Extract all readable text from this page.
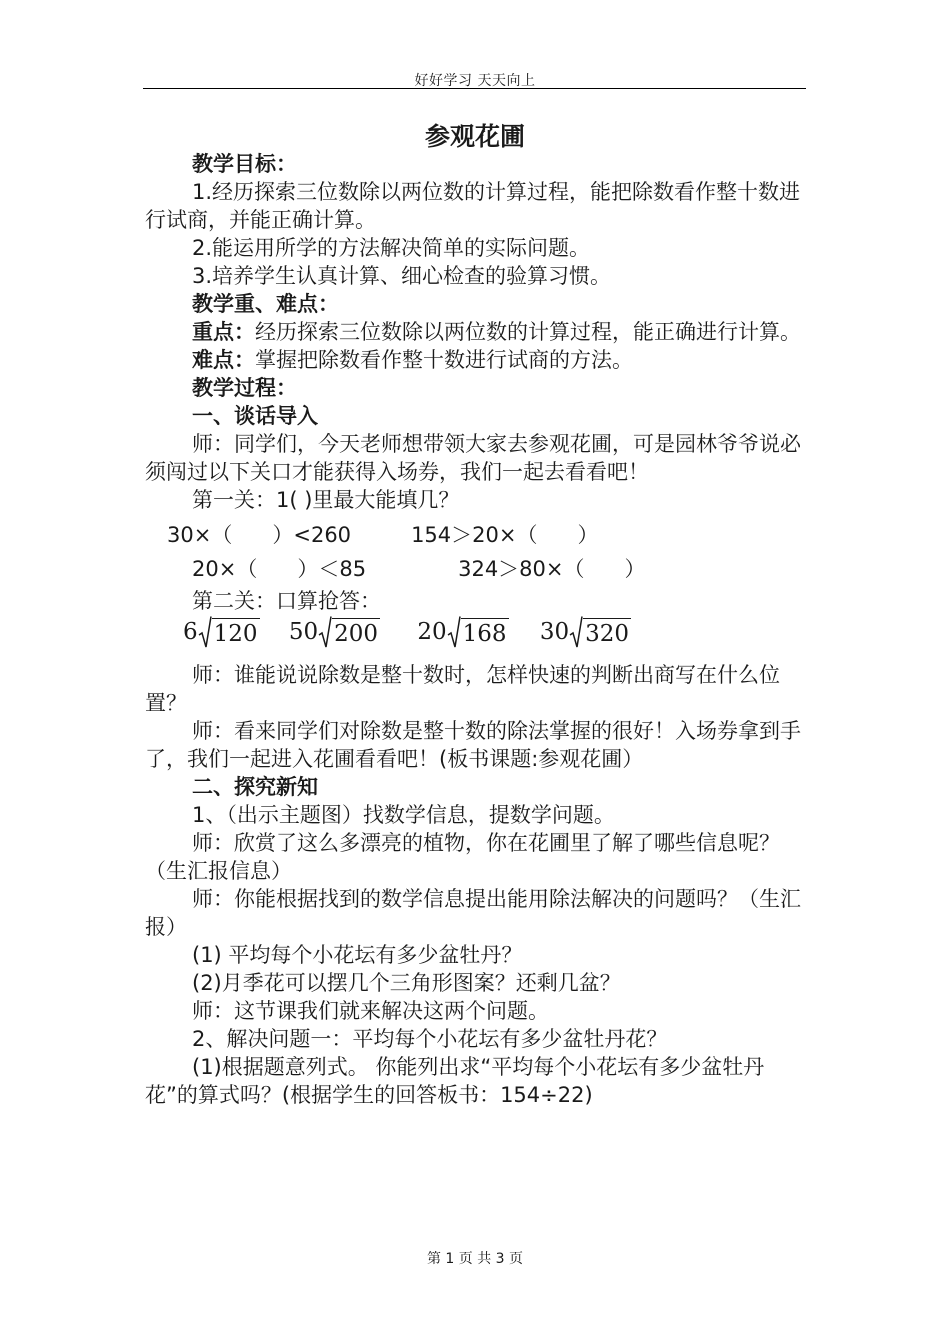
好好学习 天天向上
参观花圃

教学目标：

1.经历探索三位数除以两位数的计算过程，能把除数看作整十数进行试商，并能正确计算。

2.能运用所学的方法解决简单的实际问题。

3.培养学生认真计算、细心检查的验算习惯。

教学重、难点：

重点：经历探索三位数除以两位数的计算过程，能正确进行计算。

难点：掌握把除数看作整十数进行试商的方法。

教学过程：

一、谈话导入

师：同学们，今天老师想带领大家去参观花圃，可是园林爷爷说必须闯过以下关口才能获得入场券，我们一起去看看吧！

第一关：1( )里最大能填几？

30×（      ）<260	154＞20×（      ）
20×（      ）＜85	324＞80×（      ）

第二关：口算抢答：

6 120 50 200 20 168 30 320

师：谁能说说除数是整十数时，怎样快速的判断出商写在什么位置？

师：看来同学们对除数是整十数的除法掌握的很好！入场券拿到手了，我们一起进入花圃看看吧！(板书课题:参观花圃）

二、探究新知

1、（出示主题图）找数学信息，提数学问题。

师：欣赏了这么多漂亮的植物，你在花圃里了解了哪些信息呢？（生汇报信息）

师：你能根据找到的数学信息提出能用除法解决的问题吗？（生汇报）

(1) 平均每个小花坛有多少盆牡丹？

(2)月季花可以摆几个三角形图案？还剩几盆？

师：这节课我们就来解决这两个问题。

2、解决问题一：平均每个小花坛有多少盆牡丹花？

(1)根据题意列式。 你能列出求“平均每个小花坛有多少盆牡丹花”的算式吗？(根据学生的回答板书：154÷22)

第 1 页 共 3 页
